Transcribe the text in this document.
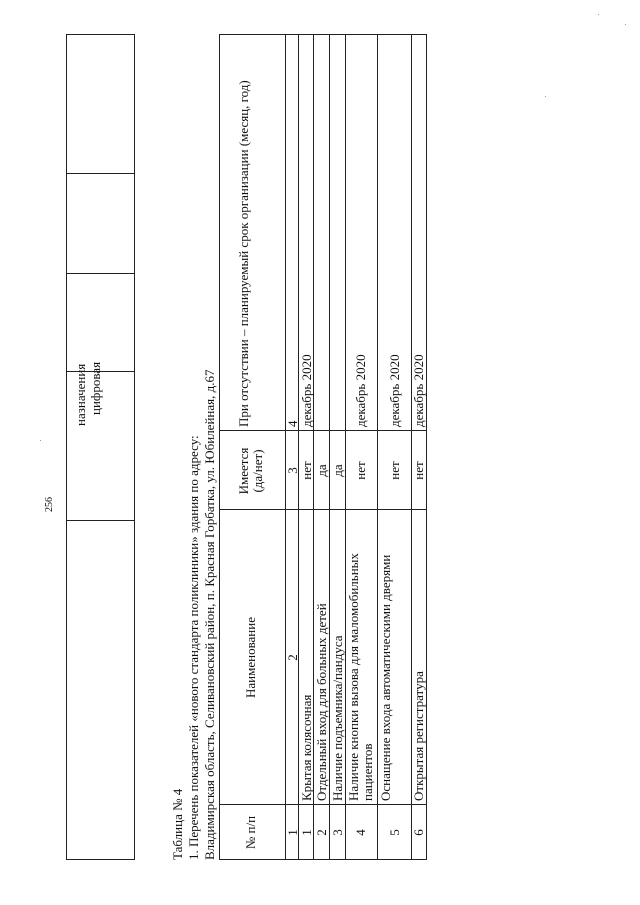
назначения цифровая
256
Таблица № 4 1. Перечень показателей «нового стандарта поликлиники» здания по адресу: Владимирская область, Селивановский район, п. Красная Горбатка, ул. Юбилейная, д.67 № п/п
Наименование
Имеется (да/нет)
При отсутствии – планируемый срок организации (месяц, год)
1
2
3
4
1
Крытая колясочная
нет
декабрь 2020
2
Отдельный вход для больных детей
да
3
Наличие подъемника/пандуса
да
4
Наличие кнопки вызова для маломобильных пациентов
нет
декабрь 2020
5
Оснащение входа автоматическими дверями
нет
декабрь 2020
6
Открытая регистратура
нет
декабрь 2020
